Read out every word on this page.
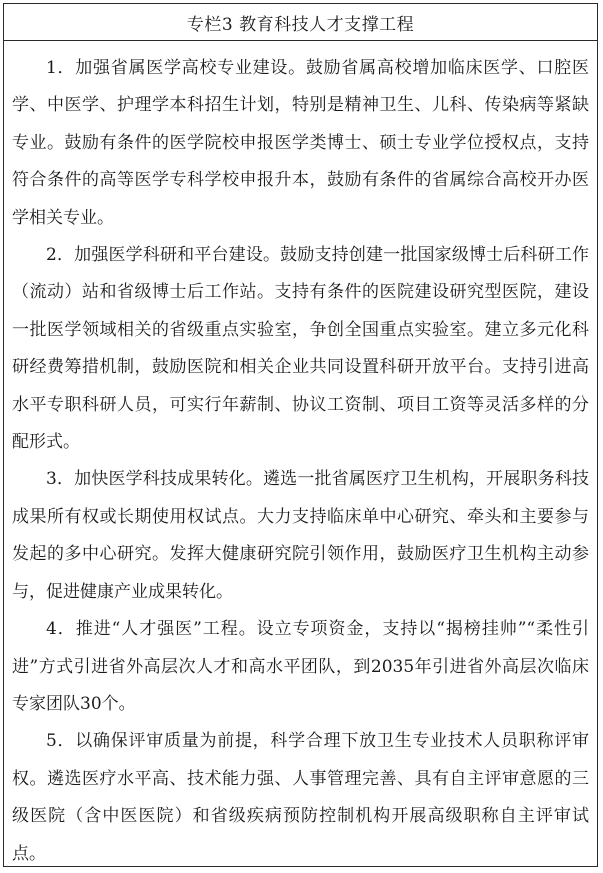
专栏3 教育科技人才支撑工程

1．加强省属医学高校专业建设。鼓励省属高校增加临床医学、口腔医学、中医学、护理学本科招生计划，特别是精神卫生、儿科、传染病等紧缺专业。鼓励有条件的医学院校申报医学类博士、硕士专业学位授权点，支持符合条件的高等医学专科学校申报升本，鼓励有条件的省属综合高校开办医学相关专业。

2．加强医学科研和平台建设。鼓励支持创建一批国家级博士后科研工作（流动）站和省级博士后工作站。支持有条件的医院建设研究型医院，建设一批医学领域相关的省级重点实验室，争创全国重点实验室。建立多元化科研经费筹措机制，鼓励医院和相关企业共同设置科研开放平台。支持引进高水平专职科研人员，可实行年薪制、协议工资制、项目工资等灵活多样的分配形式。

3．加快医学科技成果转化。遴选一批省属医疗卫生机构，开展职务科技成果所有权或长期使用权试点。大力支持临床单中心研究、牵头和主要参与发起的多中心研究。发挥大健康研究院引领作用，鼓励医疗卫生机构主动参与，促进健康产业成果转化。

4．推进“人才强医”工程。设立专项资金，支持以“揭榜挂帅”“柔性引进”方式引进省外高层次人才和高水平团队，到2035年引进省外高层次临床专家团队30个。

5．以确保评审质量为前提，科学合理下放卫生专业技术人员职称评审权。遴选医疗水平高、技术能力强、人事管理完善、具有自主评审意愿的三级医院（含中医医院）和省级疾病预防控制机构开展高级职称自主评审试点。
